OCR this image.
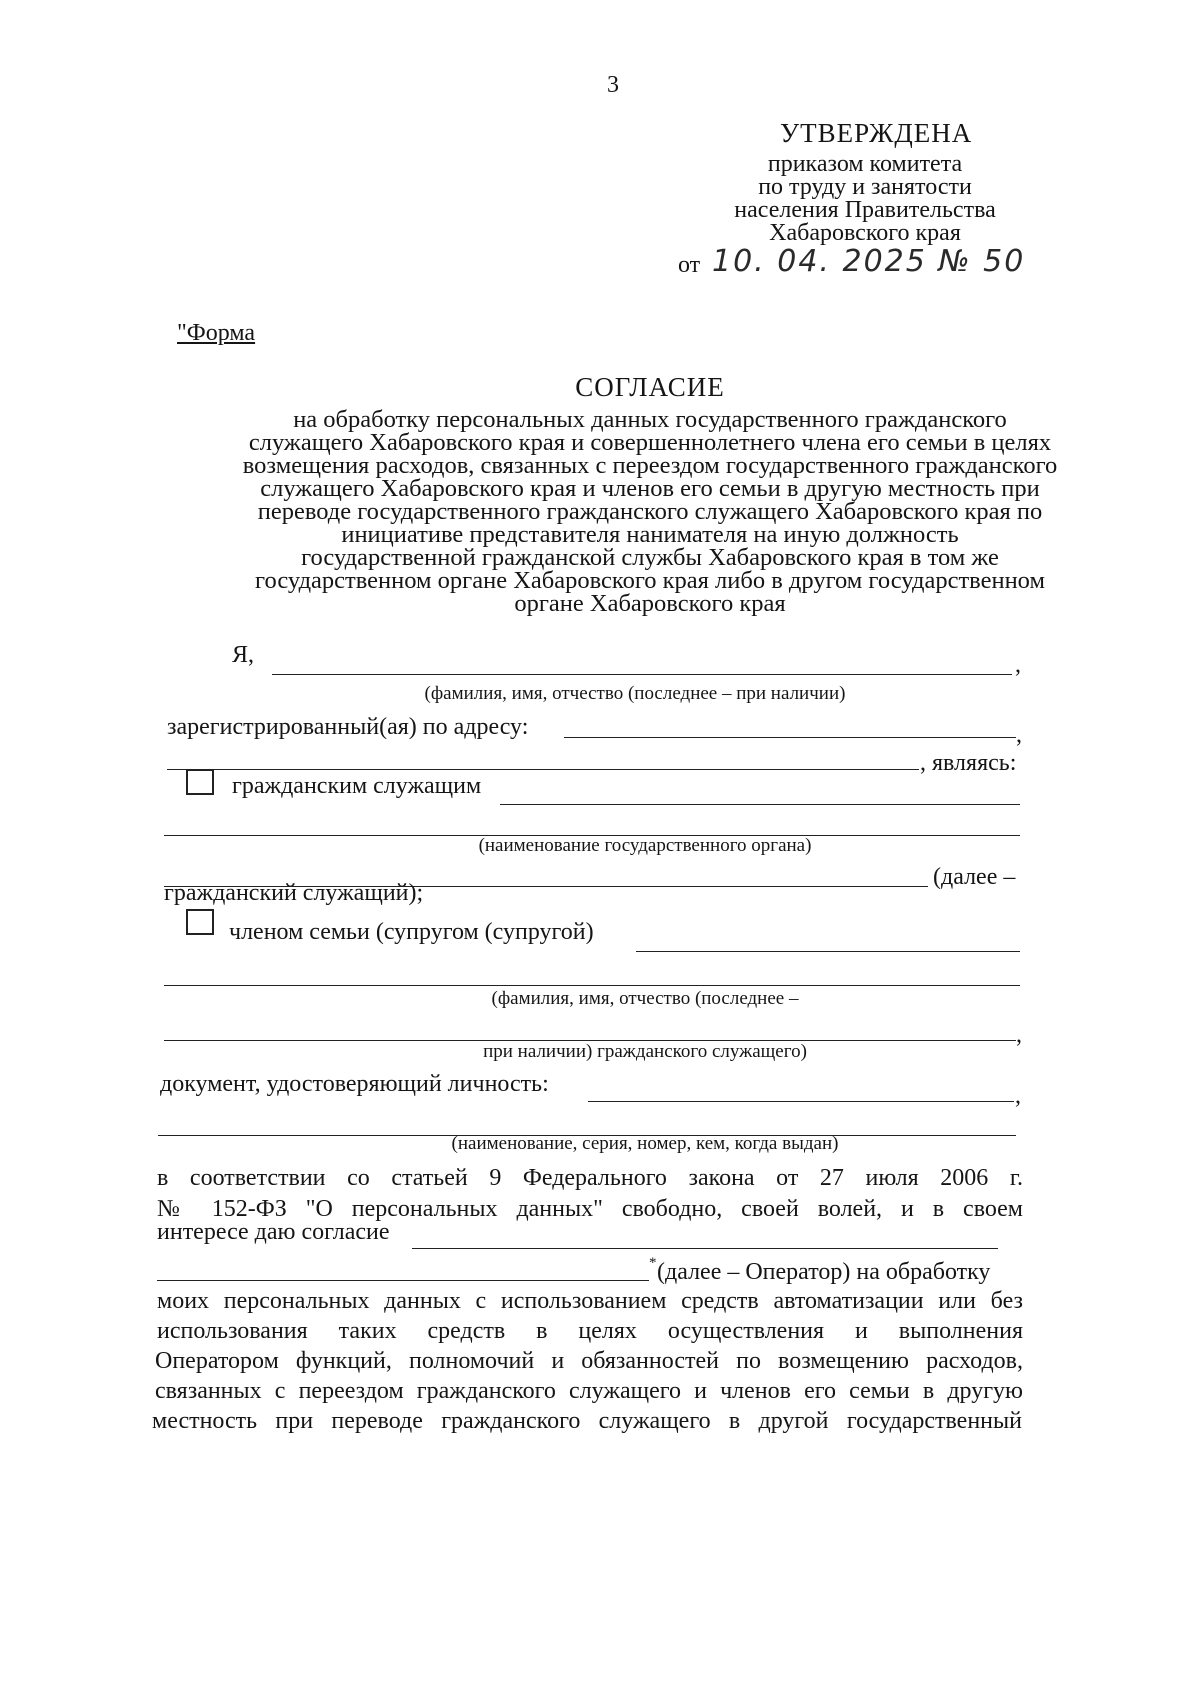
3
УТВЕРЖДЕНА
приказом комитета
по труду и занятости
населения Правительства
Хабаровского края
от 10. 04. 2025 № 50
"Форма
СОГЛАСИЕ
на обработку персональных данных государственного гражданского
служащего Хабаровского края и совершеннолетнего члена его семьи в целях
возмещения расходов, связанных с переездом государственного гражданского
служащего Хабаровского края и членов его семьи в другую местность при
переводе государственного гражданского служащего Хабаровского края по
инициативе представителя нанимателя на иную должность
государственной гражданской службы Хабаровского края в том же
государственном органе Хабаровского края либо в другом государственном
органе Хабаровского края
Я,	,
(фамилия, имя, отчество (последнее – при наличии)
зарегистрированный(ая) по адресу:	,
, являясь:
гражданским служащим
(наименование государственного органа)
(далее –
гражданский служащий);
членом семьи (супругом (супругой)
(фамилия, имя, отчество (последнее –
,
при наличии) гражданского служащего)
документ, удостоверяющий личность:	,
(наименование, серия, номер, кем, когда выдан)
в соответствии со статьей 9 Федерального закона от 27 июля 2006 г.
№ 152-ФЗ "О персональных данных" свободно, своей волей, и в своем
интересе даю согласие
* (далее – Оператор) на обработку
моих персональных данных с использованием средств автоматизации или без
использования таких средств в целях осуществления и выполнения
Оператором функций, полномочий и обязанностей по возмещению расходов,
связанных с переездом гражданского служащего и членов его семьи в другую
местность при переводе гражданского служащего в другой государственный
